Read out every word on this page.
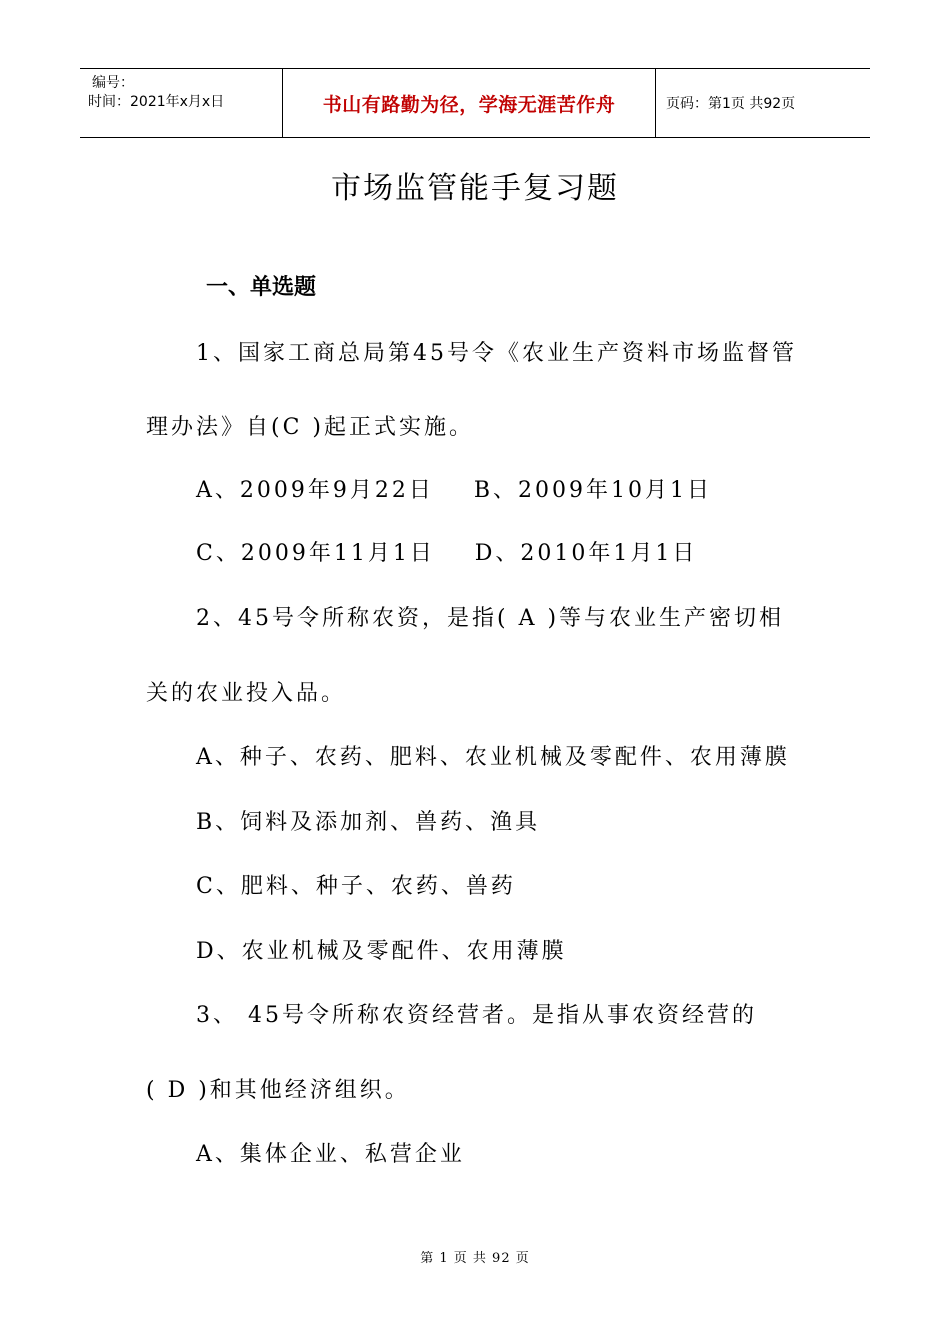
编号：
时间：2021年x月x日	书山有路勤为径，学海无涯苦作舟	页码：第1页 共92页
市场监管能手复习题
一、单选题
1、国家工商总局第45号令《农业生产资料市场监督管
理办法》自(C )起正式实施。
A、2009年9月22日    B、2009年10月1日
C、2009年11月1日    D、2010年1月1日
2、45号令所称农资，是指( A )等与农业生产密切相
关的农业投入品。
A、种子、农药、肥料、农业机械及零配件、农用薄膜
B、饲料及添加剂、兽药、渔具
C、肥料、种子、农药、兽药
D、农业机械及零配件、农用薄膜
3、 45号令所称农资经营者。是指从事农资经营的
( D )和其他经济组织。
A、集体企业、私营企业
第 1 页 共 92 页
